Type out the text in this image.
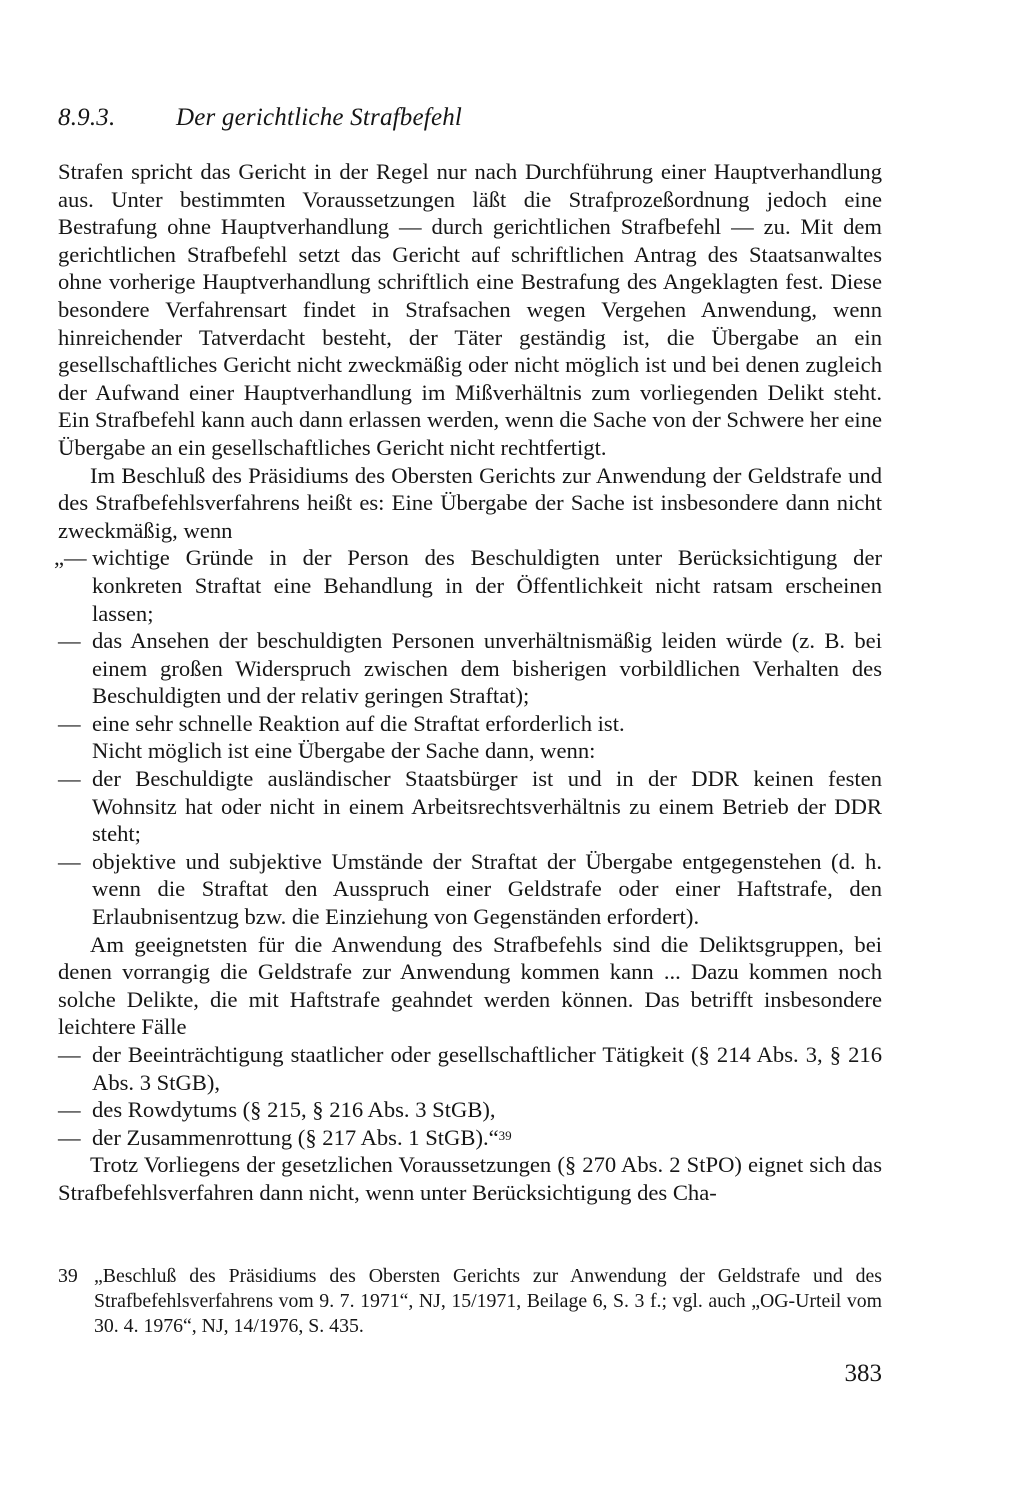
8.9.3. Der gerichtliche Strafbefehl

Strafen spricht das Gericht in der Regel nur nach Durchführung einer Hauptverhandlung aus. Unter bestimmten Voraussetzungen läßt die Strafprozeßordnung jedoch eine Bestrafung ohne Hauptverhandlung — durch gerichtlichen Strafbefehl — zu. Mit dem gerichtlichen Strafbefehl setzt das Gericht auf schriftlichen Antrag des Staatsanwaltes ohne vorherige Hauptverhandlung schriftlich eine Bestrafung des Angeklagten fest. Diese besondere Verfahrensart findet in Strafsachen wegen Vergehen Anwendung, wenn hinreichender Tatverdacht besteht, der Täter geständig ist, die Übergabe an ein gesellschaftliches Gericht nicht zweckmäßig oder nicht möglich ist und bei denen zugleich der Aufwand einer Hauptverhandlung im Mißverhältnis zum vorliegenden Delikt steht. Ein Strafbefehl kann auch dann erlassen werden, wenn die Sache von der Schwere her eine Übergabe an ein gesellschaftliches Gericht nicht rechtfertigt.

Im Beschluß des Präsidiums des Obersten Gerichts zur Anwendung der Geldstrafe und des Strafbefehlsverfahrens heißt es: Eine Übergabe der Sache ist insbesondere dann nicht zweckmäßig, wenn

„— wichtige Gründe in der Person des Beschuldigten unter Berücksichtigung der konkreten Straftat eine Behandlung in der Öffentlichkeit nicht ratsam erscheinen lassen;
— das Ansehen der beschuldigten Personen unverhältnismäßig leiden würde (z. B. bei einem großen Widerspruch zwischen dem bisherigen vorbildlichen Verhalten des Beschuldigten und der relativ geringen Straftat);
— eine sehr schnelle Reaktion auf die Straftat erforderlich ist.

Nicht möglich ist eine Übergabe der Sache dann, wenn:

— der Beschuldigte ausländischer Staatsbürger ist und in der DDR keinen festen Wohnsitz hat oder nicht in einem Arbeitsrechtsverhältnis zu einem Betrieb der DDR steht;
— objektive und subjektive Umstände der Straftat der Übergabe entgegenstehen (d. h. wenn die Straftat den Ausspruch einer Geldstrafe oder einer Haftstrafe, den Erlaubnisentzug bzw. die Einziehung von Gegenständen erfordert).

Am geeignetsten für die Anwendung des Strafbefehls sind die Deliktsgruppen, bei denen vorrangig die Geldstrafe zur Anwendung kommen kann ... Dazu kommen noch solche Delikte, die mit Haftstrafe geahndet werden können. Das betrifft insbesondere leichtere Fälle

— der Beeinträchtigung staatlicher oder gesellschaftlicher Tätigkeit (§ 214 Abs. 3, § 216 Abs. 3 StGB),
— des Rowdytums (§ 215, § 216 Abs. 3 StGB),
— der Zusammenrottung (§ 217 Abs. 1 StGB).“$^{39}$

Trotz Vorliegens der gesetzlichen Voraussetzungen (§ 270 Abs. 2 StPO) eignet sich das Strafbefehlsverfahren dann nicht, wenn unter Berücksichtigung des Cha-

39 „Beschluß des Präsidiums des Obersten Gerichts zur Anwendung der Geldstrafe und des Strafbefehlsverfahrens vom 9. 7. 1971“, NJ, 15/1971, Beilage 6, S. 3 f.; vgl. auch „OG-Urteil vom 30. 4. 1976“, NJ, 14/1976, S. 435.
383
